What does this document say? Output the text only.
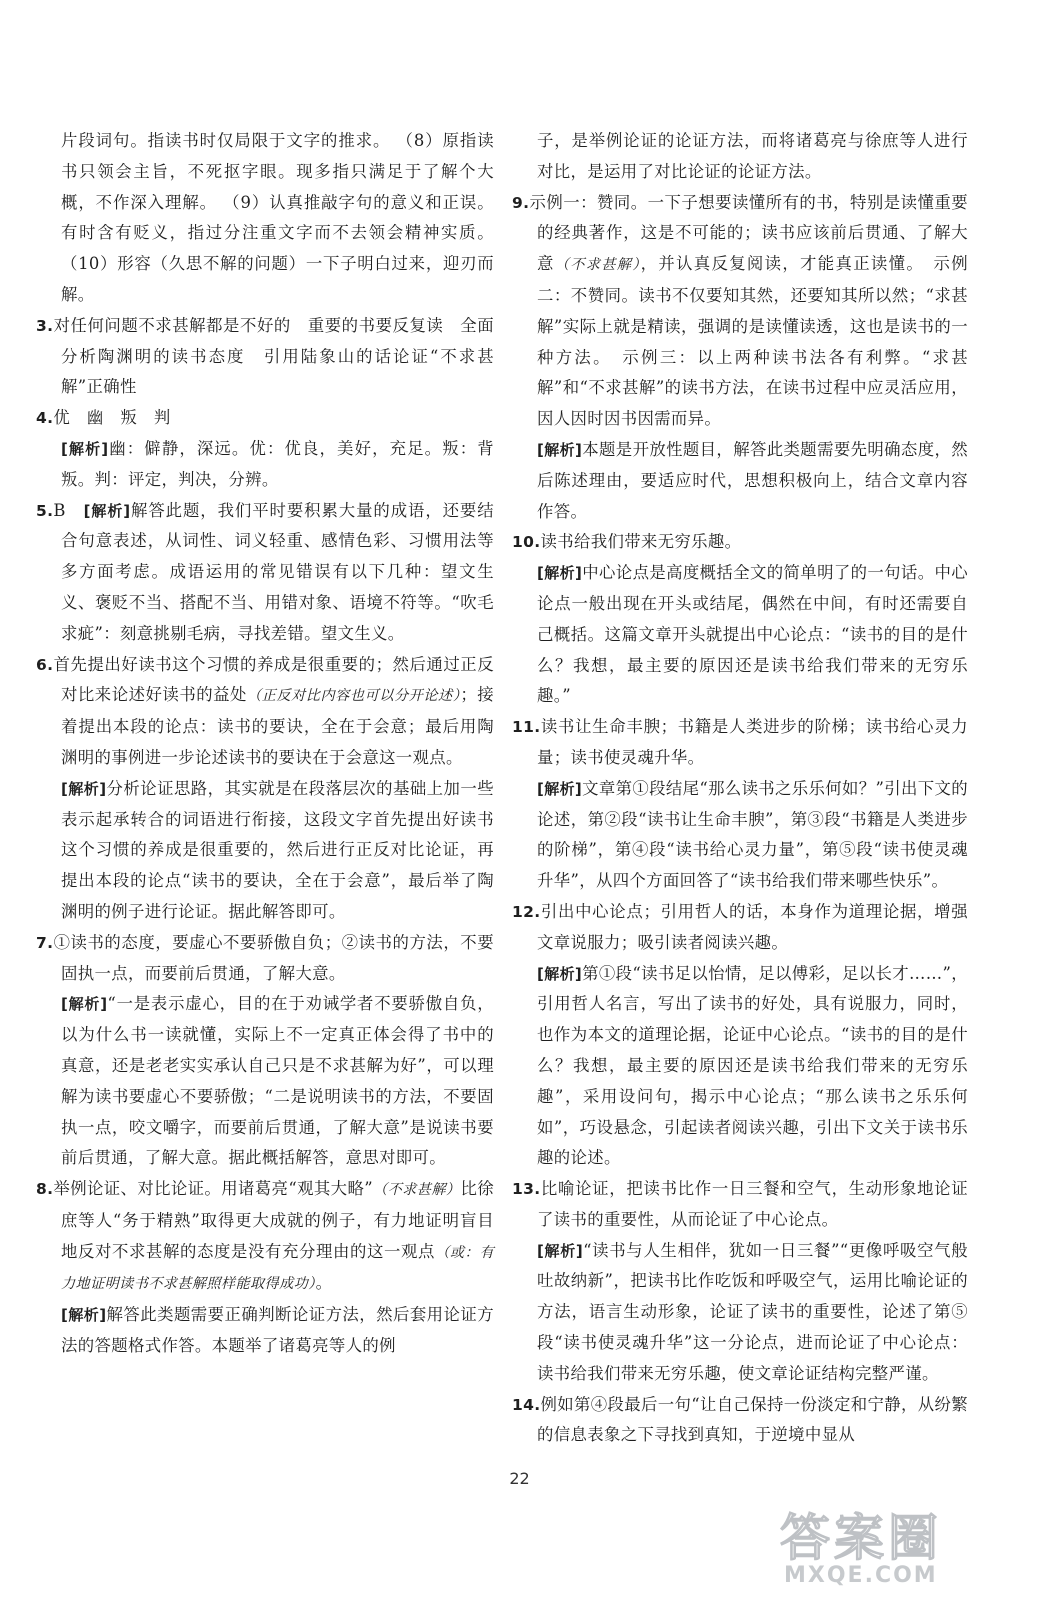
片段词句。指读书时仅局限于文字的推求。 （8）原指读书只领会主旨，不死抠字眼。现多指只满足于了解个大概，不作深入理解。 （9）认真推敲字句的意义和正误。有时含有贬义，指过分注重文字而不去领会精神实质。 （10）形容（久思不解的问题）一下子明白过来，迎刃而解。

3.对任何问题不求甚解都是不好的　重要的书要反复读　全面分析陶渊明的读书态度　引用陆象山的话论证“不求甚解”正确性

4.优　幽　叛　判

[解析]幽：僻静，深远。优：优良，美好，充足。叛：背叛。判：评定，判决，分辨。

5.B　[解析]解答此题，我们平时要积累大量的成语，还要结合句意表述，从词性、词义轻重、感情色彩、习惯用法等多方面考虑。成语运用的常见错误有以下几种：望文生义、褒贬不当、搭配不当、用错对象、语境不符等。“吹毛求疵”：刻意挑剔毛病，寻找差错。望文生义。

6.首先提出好读书这个习惯的养成是很重要的；然后通过正反对比来论述好读书的益处（正反对比内容也可以分开论述）；接着提出本段的论点：读书的要诀，全在于会意；最后用陶渊明的事例进一步论述读书的要诀在于会意这一观点。

[解析]分析论证思路，其实就是在段落层次的基础上加一些表示起承转合的词语进行衔接，这段文字首先提出好读书这个习惯的养成是很重要的，然后进行正反对比论证，再提出本段的论点“读书的要诀，全在于会意”，最后举了陶渊明的例子进行论证。据此解答即可。

7.①读书的态度，要虚心不要骄傲自负；②读书的方法，不要固执一点，而要前后贯通，了解大意。

[解析]“一是表示虚心，目的在于劝诫学者不要骄傲自负，以为什么书一读就懂，实际上不一定真正体会得了书中的真意，还是老老实实承认自己只是不求甚解为好”，可以理解为读书要虚心不要骄傲；“二是说明读书的方法，不要固执一点，咬文嚼字，而要前后贯通，了解大意”是说读书要前后贯通，了解大意。据此概括解答，意思对即可。

8.举例论证、对比论证。用诸葛亮“观其大略”（不求甚解）比徐庶等人“务于精熟”取得更大成就的例子，有力地证明盲目地反对不求甚解的态度是没有充分理由的这一观点（或：有力地证明读书不求甚解照样能取得成功）。

[解析]解答此类题需要正确判断论证方法，然后套用论证方法的答题格式作答。本题举了诸葛亮等人的例

子，是举例论证的论证方法，而将诸葛亮与徐庶等人进行对比，是运用了对比论证的论证方法。

9.示例一：赞同。一下子想要读懂所有的书，特别是读懂重要的经典著作，这是不可能的；读书应该前后贯通、了解大意（不求甚解），并认真反复阅读，才能真正读懂。　示例二：不赞同。读书不仅要知其然，还要知其所以然；“求甚解”实际上就是精读，强调的是读懂读透，这也是读书的一种方法。　示例三：以上两种读书法各有利弊。“求甚解”和“不求甚解”的读书方法，在读书过程中应灵活应用，因人因时因书因需而异。

[解析]本题是开放性题目，解答此类题需要先明确态度，然后陈述理由，要适应时代，思想积极向上，结合文章内容作答。

10.读书给我们带来无穷乐趣。

[解析]中心论点是高度概括全文的简单明了的一句话。中心论点一般出现在开头或结尾，偶然在中间，有时还需要自己概括。这篇文章开头就提出中心论点：“读书的目的是什么？我想，最主要的原因还是读书给我们带来的无穷乐趣。”

11.读书让生命丰腴；书籍是人类进步的阶梯；读书给心灵力量；读书使灵魂升华。

[解析]文章第①段结尾“那么读书之乐乐何如？”引出下文的论述，第②段“读书让生命丰腴”，第③段“书籍是人类进步的阶梯”，第④段“读书给心灵力量”，第⑤段“读书使灵魂升华”，从四个方面回答了“读书给我们带来哪些快乐”。

12.引出中心论点；引用哲人的话，本身作为道理论据，增强文章说服力；吸引读者阅读兴趣。

[解析]第①段“读书足以怡情，足以傅彩，足以长才……”，引用哲人名言，写出了读书的好处，具有说服力，同时，也作为本文的道理论据，论证中心论点。“读书的目的是什么？我想，最主要的原因还是读书给我们带来的无穷乐趣”，采用设问句，揭示中心论点；“那么读书之乐乐何如”，巧设悬念，引起读者阅读兴趣，引出下文关于读书乐趣的论述。

13.比喻论证，把读书比作一日三餐和空气，生动形象地论证了读书的重要性，从而论证了中心论点。

[解析]“读书与人生相伴，犹如一日三餐”“更像呼吸空气般吐故纳新”，把读书比作吃饭和呼吸空气，运用比喻论证的方法，语言生动形象，论证了读书的重要性，论述了第⑤段“读书使灵魂升华”这一分论点，进而论证了中心论点：读书给我们带来无穷乐趣，使文章论证结构完整严谨。

14.例如第④段最后一句“让自己保持一份淡定和宁静，从纷繁的信息表象之下寻找到真知，于逆境中显从

22
答案圈
MXQE.COM
